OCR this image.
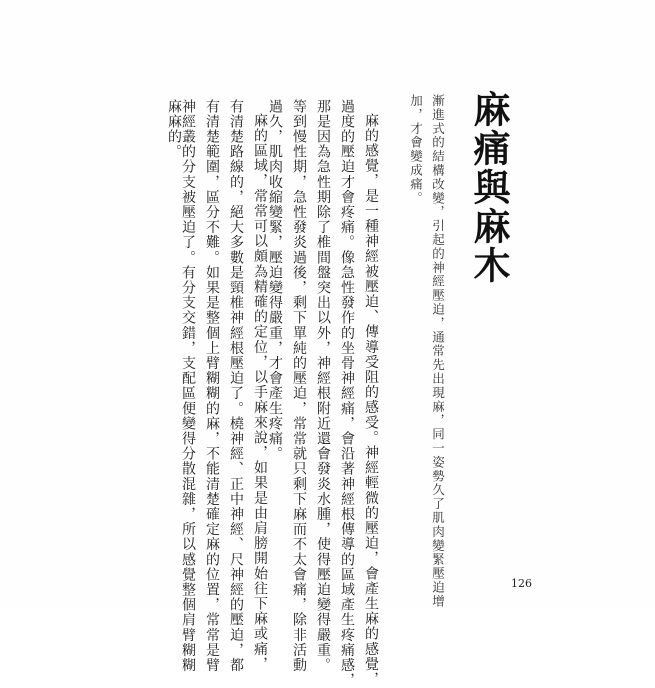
麻痛與麻木

漸進式的結構改變，引起的神經壓迫，通常先出現麻，同一姿勢久了肌肉變緊壓迫增

加，才會變成痛。

麻的感覺，是一種神經被壓迫、傳導受阻的感受。神經輕微的壓迫，會產生麻的感覺，

過度的壓迫才會疼痛。像急性發作的坐骨神經痛，會沿著神經根傳導的區域產生疼痛感，

那是因為急性期除了椎間盤突出以外，神經根附近還會發炎水腫，使得壓迫變得嚴重。

等到慢性期，急性發炎過後，剩下單純的壓迫，常常就只剩下麻而不太會痛，除非活動

過久，肌肉收縮變緊，壓迫變得嚴重，才會產生疼痛。

麻的區域，常常可以頗為精確的定位，以手麻來說，如果是由肩膀開始往下麻或痛，

有清楚路線的，絕大多數是頸椎神經根壓迫了。橈神經、正中神經、尺神經的壓迫，都

有清楚範圍，區分不難。如果是整個上臂糊糊的麻，不能清楚確定麻的位置，常常是臂

神經叢的分支被壓迫了。有分支交錯，支配區便變得分散混雜，所以感覺整個肩臂糊糊

麻麻的。

126
